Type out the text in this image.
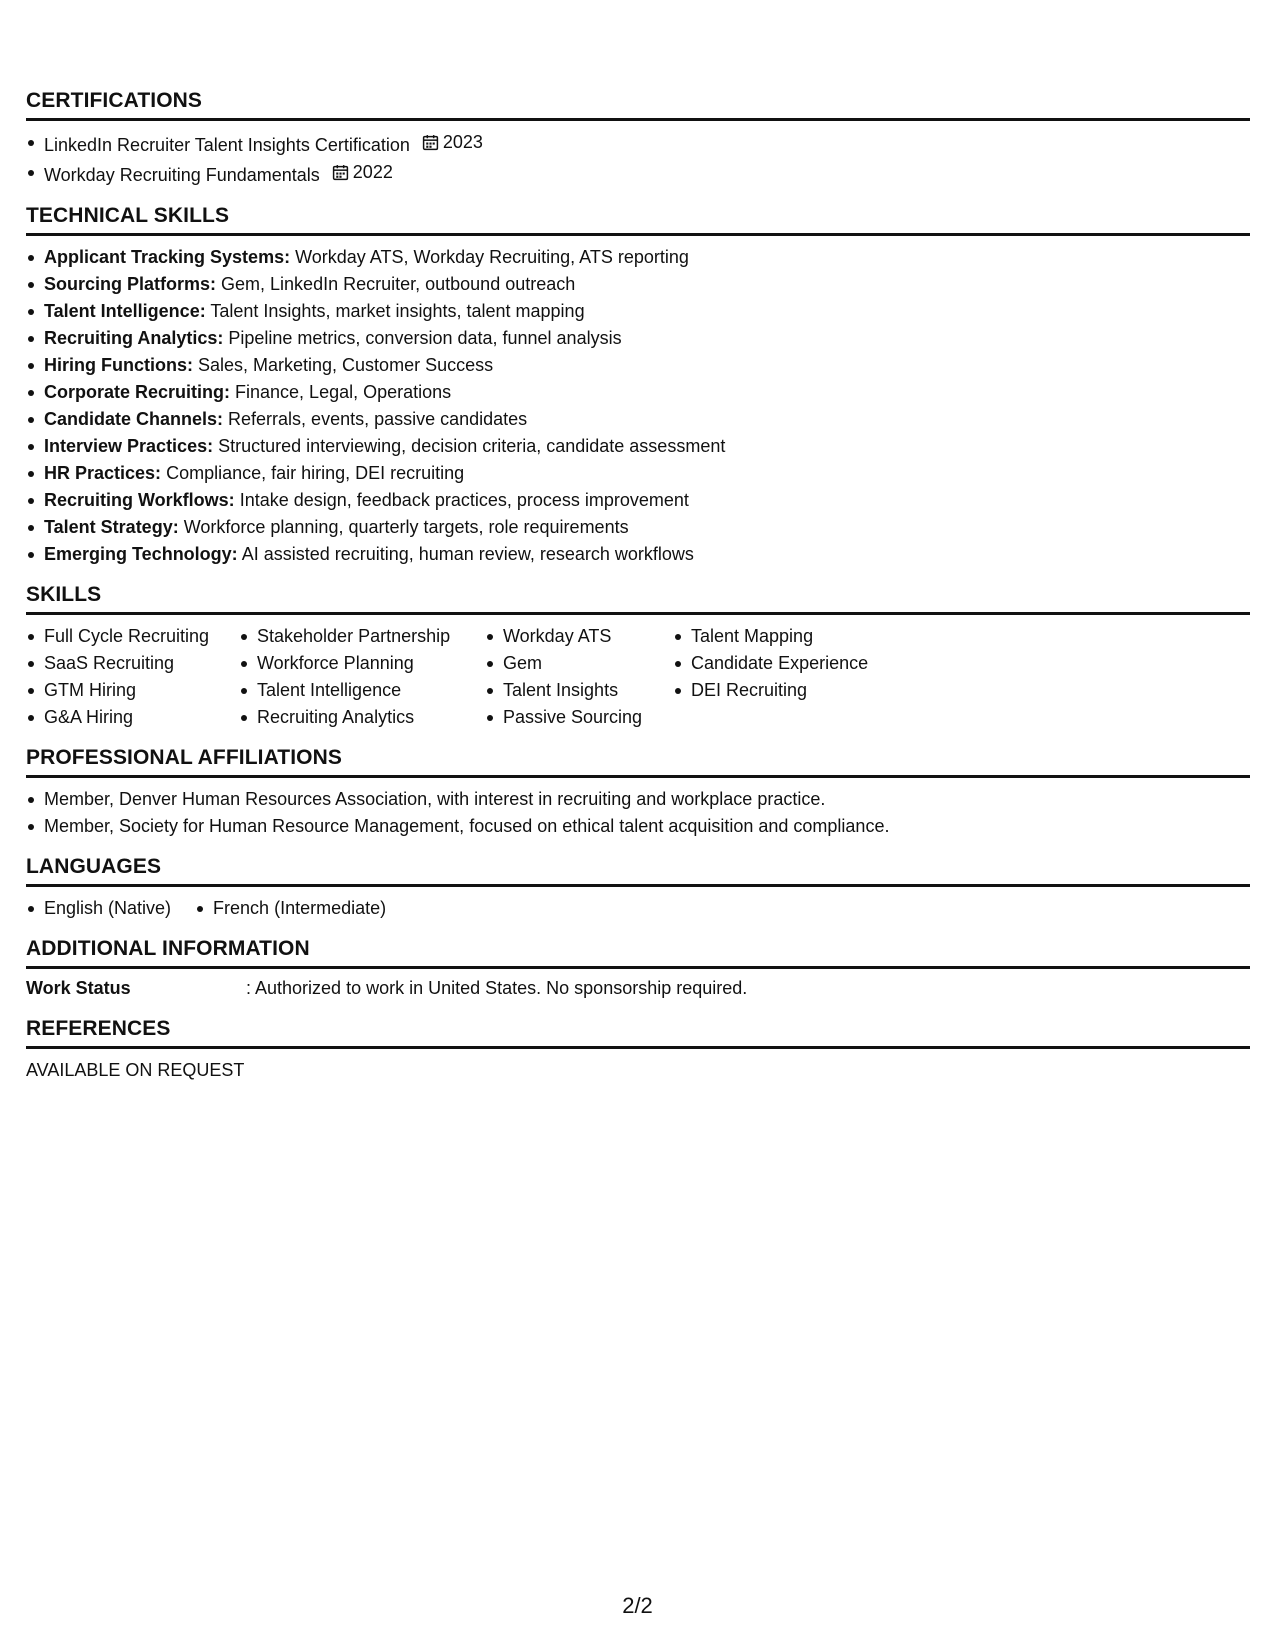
CERTIFICATIONS
LinkedIn Recruiter Talent Insights Certification 2023
Workday Recruiting Fundamentals 2022
TECHNICAL SKILLS
Applicant Tracking Systems: Workday ATS, Workday Recruiting, ATS reporting
Sourcing Platforms: Gem, LinkedIn Recruiter, outbound outreach
Talent Intelligence: Talent Insights, market insights, talent mapping
Recruiting Analytics: Pipeline metrics, conversion data, funnel analysis
Hiring Functions: Sales, Marketing, Customer Success
Corporate Recruiting: Finance, Legal, Operations
Candidate Channels: Referrals, events, passive candidates
Interview Practices: Structured interviewing, decision criteria, candidate assessment
HR Practices: Compliance, fair hiring, DEI recruiting
Recruiting Workflows: Intake design, feedback practices, process improvement
Talent Strategy: Workforce planning, quarterly targets, role requirements
Emerging Technology: AI assisted recruiting, human review, research workflows
SKILLS
Full Cycle Recruiting
SaaS Recruiting
GTM Hiring
G&A Hiring
Stakeholder Partnership
Workforce Planning
Talent Intelligence
Recruiting Analytics
Workday ATS
Gem
Talent Insights
Passive Sourcing
Talent Mapping
Candidate Experience
DEI Recruiting
PROFESSIONAL AFFILIATIONS
Member, Denver Human Resources Association, with interest in recruiting and workplace practice.
Member, Society for Human Resource Management, focused on ethical talent acquisition and compliance.
LANGUAGES
English (Native)	French (Intermediate)
ADDITIONAL INFORMATION
Work Status	: Authorized to work in United States. No sponsorship required.
REFERENCES
AVAILABLE ON REQUEST
2/2
